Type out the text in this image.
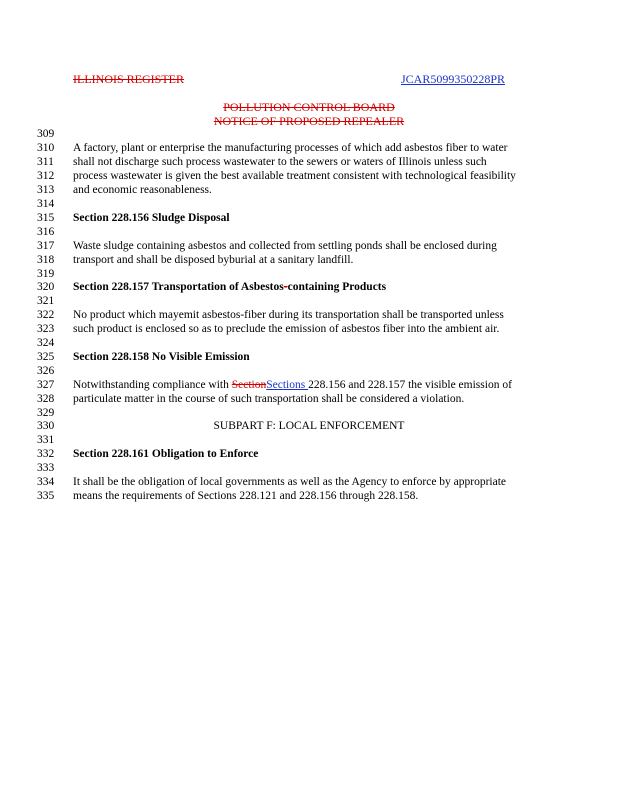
ILLINOIS REGISTER	JCAR5099350228PR
POLLUTION CONTROL BOARD
NOTICE OF PROPOSED REPEALER
309
310
311
312
313
314
315
316
317
318
319
320
321
322
323
324
325
326
327
328
329
330
331
332
333
334
335
A factory, plant or enterprise the manufacturing processes of which add asbestos fiber to water
shall not discharge such process wastewater to the sewers or waters of Illinois unless such
process wastewater is given the best available treatment consistent with technological feasibility
and economic reasonableness.
Section 228.156 Sludge Disposal
Waste sludge containing asbestos and collected from settling ponds shall be enclosed during
transport and shall be disposed byburial at a sanitary landfill.
Section 228.157 Transportation of Asbestos-containing Products
No product which mayemit asbestos-fiber during its transportation shall be transported unless
such product is enclosed so as to preclude the emission of asbestos fiber into the ambient air.
Section 228.158 No Visible Emission
Notwithstanding compliance with SectionSections 228.156 and 228.157 the visible emission of
particulate matter in the course of such transportation shall be considered a violation.
SUBPART F: LOCAL ENFORCEMENT
Section 228.161 Obligation to Enforce
It shall be the obligation of local governments as well as the Agency to enforce by appropriate
means the requirements of Sections 228.121 and 228.156 through 228.158.
